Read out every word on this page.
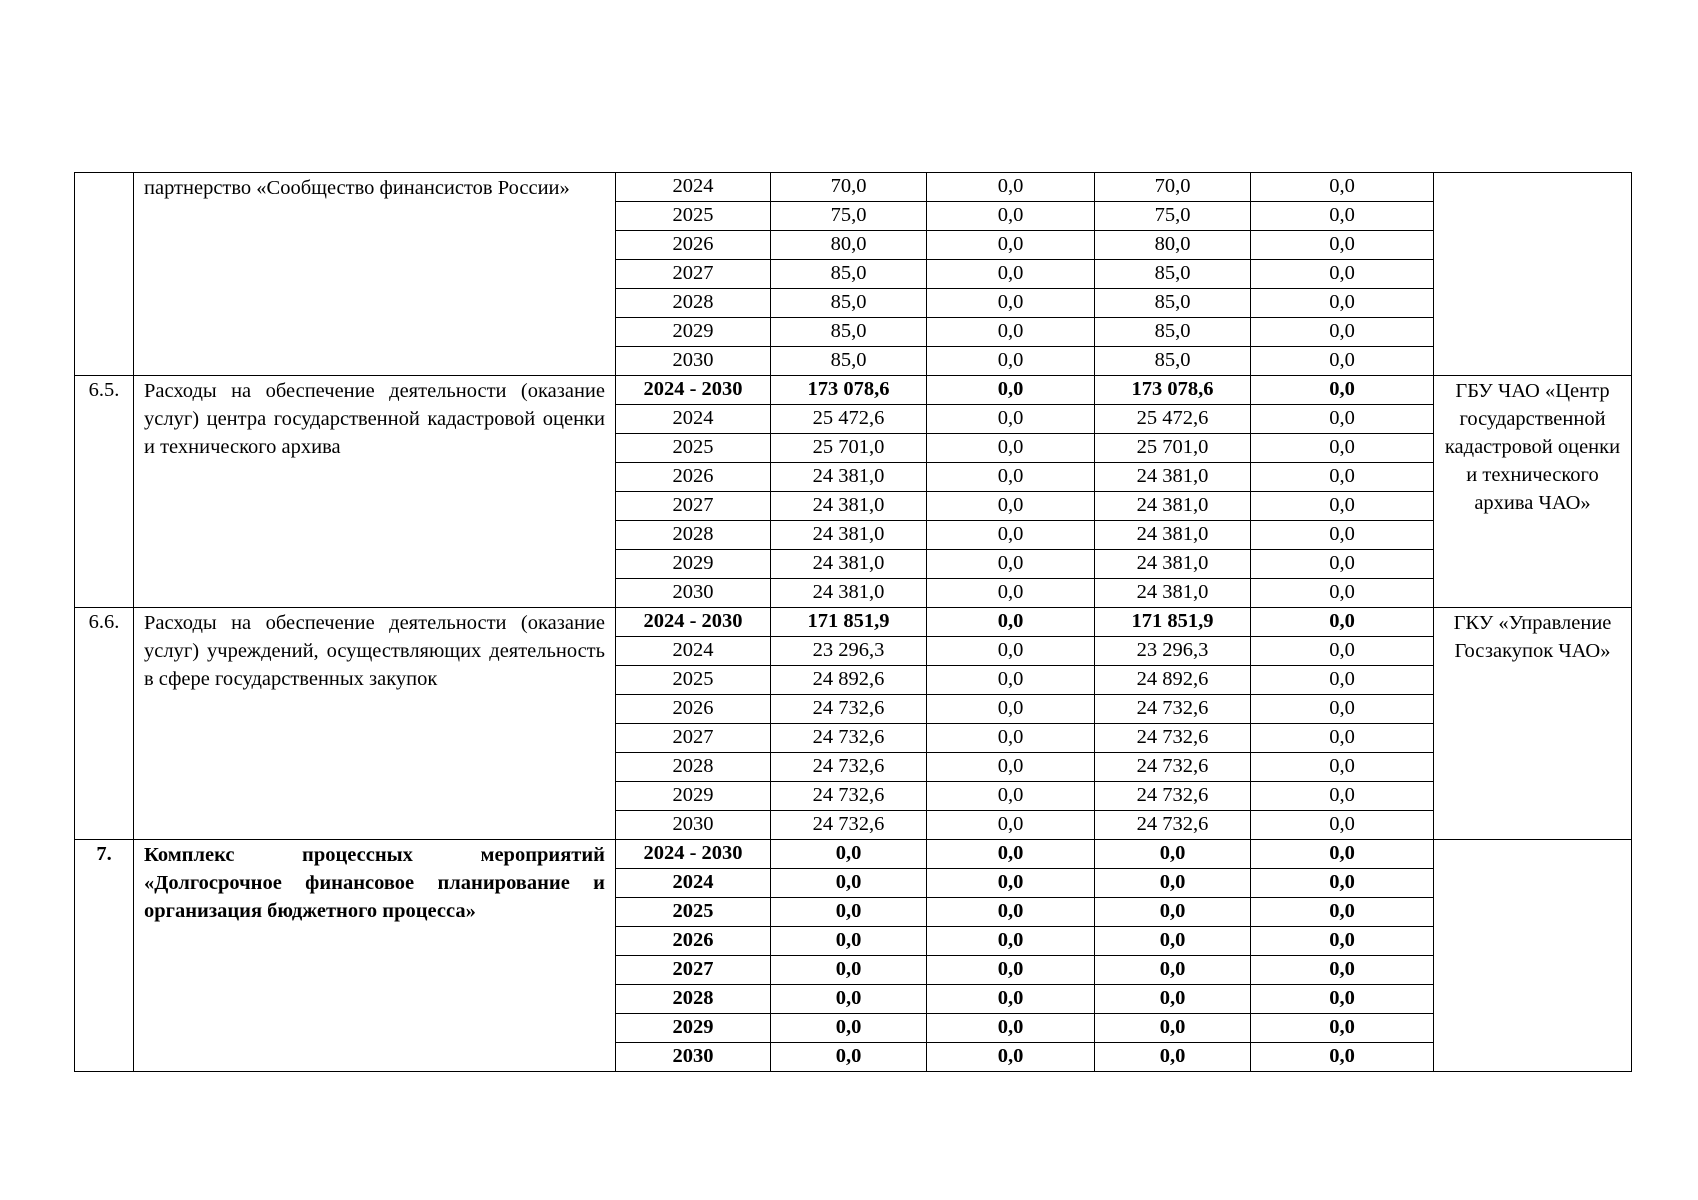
	партнерство «Сообщество финансистов России»	2024	70,0	0,0	70,0	0,0	
		2025	75,0	0,0	75,0	0,0	
		2026	80,0	0,0	80,0	0,0	
		2027	85,0	0,0	85,0	0,0	
		2028	85,0	0,0	85,0	0,0	
		2029	85,0	0,0	85,0	0,0	
		2030	85,0	0,0	85,0	0,0	
6.5.	Расходы на обеспечение деятельности (оказание услуг) центра государственной кадастровой оценки и технического архива	2024 - 2030	173 078,6	0,0	173 078,6	0,0	ГБУ ЧАО «Центр государственной кадастровой оценки и технического архива ЧАО»
		2024	25 472,6	0,0	25 472,6	0,0	
		2025	25 701,0	0,0	25 701,0	0,0	
		2026	24 381,0	0,0	24 381,0	0,0	
		2027	24 381,0	0,0	24 381,0	0,0	
		2028	24 381,0	0,0	24 381,0	0,0	
		2029	24 381,0	0,0	24 381,0	0,0	
		2030	24 381,0	0,0	24 381,0	0,0	
6.6.	Расходы на обеспечение деятельности (оказание услуг) учреждений, осуществляющих деятельность в сфере государственных закупок	2024 - 2030	171 851,9	0,0	171 851,9	0,0	ГКУ «Управление Госзакупок ЧАО»
		2024	23 296,3	0,0	23 296,3	0,0	
		2025	24 892,6	0,0	24 892,6	0,0	
		2026	24 732,6	0,0	24 732,6	0,0	
		2027	24 732,6	0,0	24 732,6	0,0	
		2028	24 732,6	0,0	24 732,6	0,0	
		2029	24 732,6	0,0	24 732,6	0,0	
		2030	24 732,6	0,0	24 732,6	0,0	
7.	Комплекс процессных мероприятий «Долгосрочное финансовое планирование и организация бюджетного процесса»	2024 - 2030	0,0	0,0	0,0	0,0	
		2024	0,0	0,0	0,0	0,0	
		2025	0,0	0,0	0,0	0,0	
		2026	0,0	0,0	0,0	0,0	
		2027	0,0	0,0	0,0	0,0	
		2028	0,0	0,0	0,0	0,0	
		2029	0,0	0,0	0,0	0,0	
		2030	0,0	0,0	0,0	0,0	
